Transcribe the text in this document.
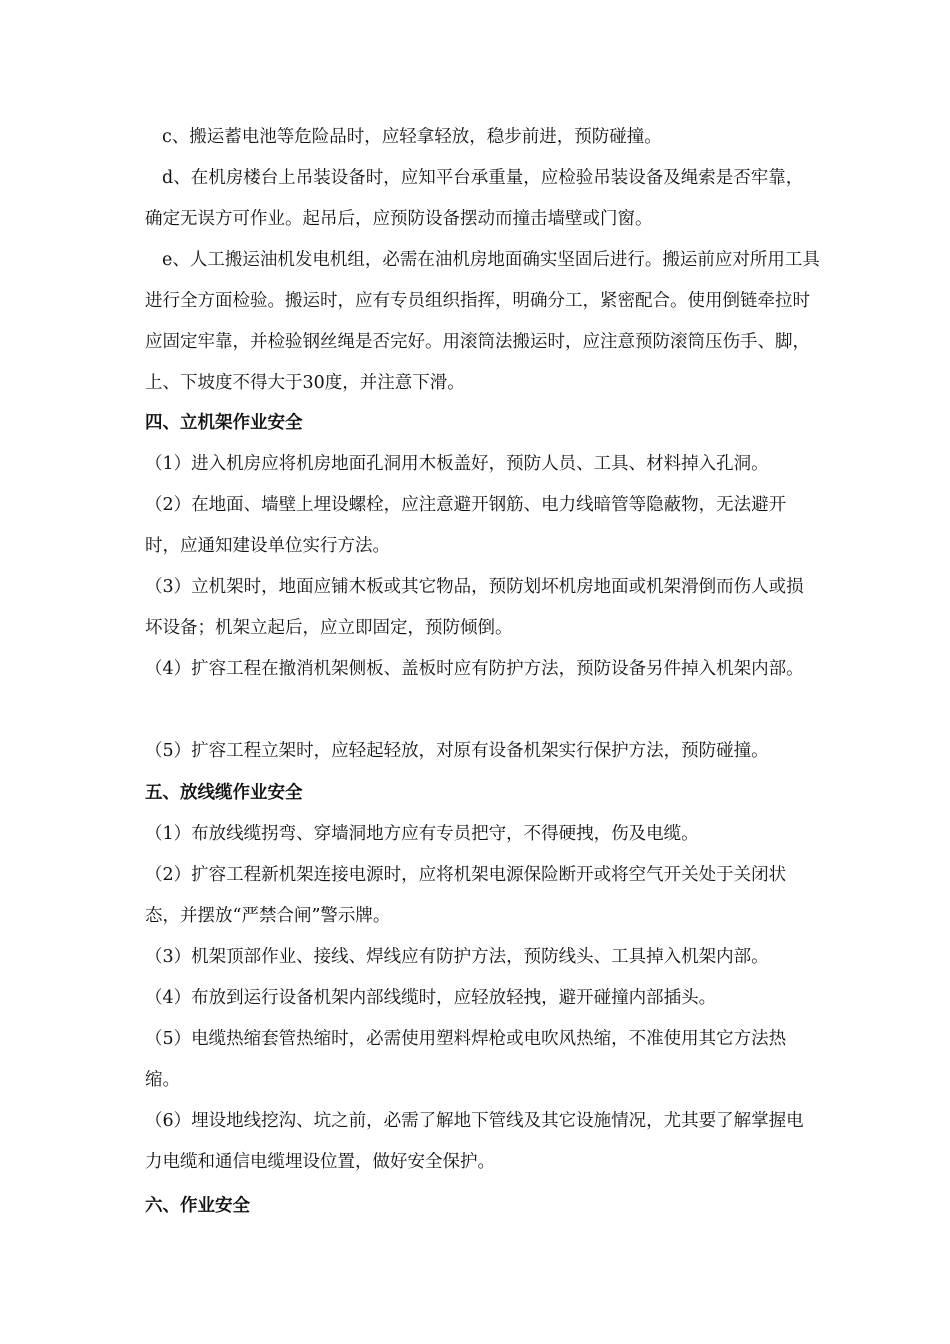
c、搬运蓄电池等危险品时，应轻拿轻放，稳步前进，预防碰撞。

d、在机房楼台上吊装设备时，应知平台承重量，应检验吊装设备及绳索是否牢靠，确定无误方可作业。起吊后，应预防设备摆动而撞击墙壁或门窗。

e、人工搬运油机发电机组，必需在油机房地面确实坚固后进行。搬运前应对所用工具进行全方面检验。搬运时，应有专员组织指挥，明确分工，紧密配合。使用倒链牵拉时应固定牢靠，并检验钢丝绳是否完好。用滚筒法搬运时，应注意预防滚筒压伤手、脚，上、下坡度不得大于30度，并注意下滑。

四、立机架作业安全

（1）进入机房应将机房地面孔洞用木板盖好，预防人员、工具、材料掉入孔洞。

（2）在地面、墙壁上埋设螺栓，应注意避开钢筋、电力线暗管等隐蔽物，无法避开时，应通知建设单位实行方法。

（3）立机架时，地面应铺木板或其它物品，预防划坏机房地面或机架滑倒而伤人或损坏设备；机架立起后，应立即固定，预防倾倒。

（4）扩容工程在撤消机架侧板、盖板时应有防护方法，预防设备另件掉入机架内部。

（5）扩容工程立架时，应轻起轻放，对原有设备机架实行保护方法，预防碰撞。

五、放线缆作业安全

（1）布放线缆拐弯、穿墙洞地方应有专员把守，不得硬拽，伤及电缆。

（2）扩容工程新机架连接电源时，应将机架电源保险断开或将空气开关处于关闭状态，并摆放“严禁合闸”警示牌。

（3）机架顶部作业、接线、焊线应有防护方法，预防线头、工具掉入机架内部。

（4）布放到运行设备机架内部线缆时，应轻放轻拽，避开碰撞内部插头。

（5）电缆热缩套管热缩时，必需使用塑料焊枪或电吹风热缩，不准使用其它方法热缩。

（6）埋设地线挖沟、坑之前，必需了解地下管线及其它设施情况，尤其要了解掌握电力电缆和通信电缆埋设位置，做好安全保护。

六、作业安全
